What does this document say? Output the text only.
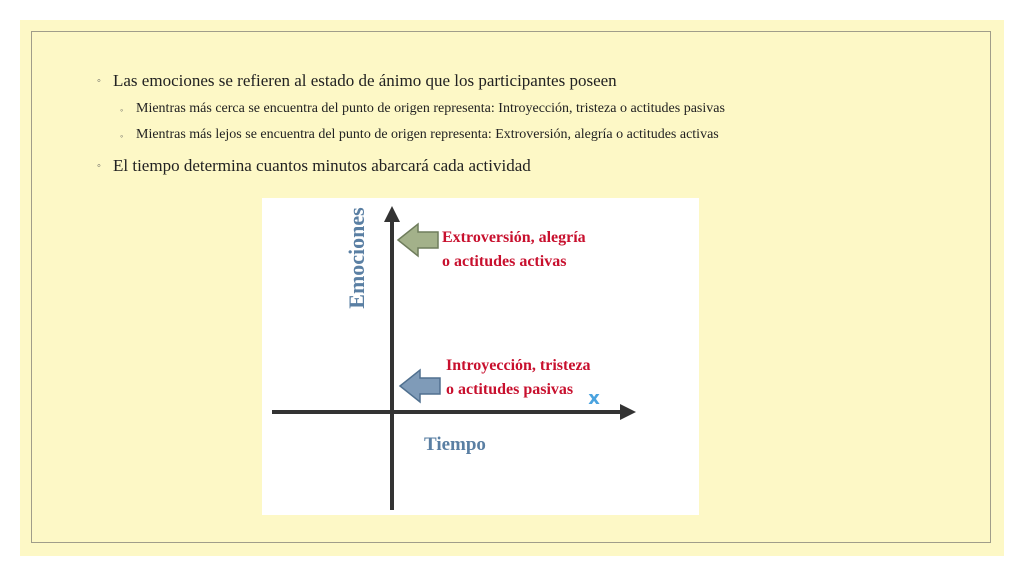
◦ Las emociones se refieren al estado de ánimo que los participantes poseen
◦ Mientras más cerca se encuentra del punto de origen representa: Introyección, tristeza o actitudes pasivas
◦ Mientras más lejos se encuentra del punto de origen representa: Extroversión, alegría o actitudes activas
◦ El tiempo determina cuantos minutos abarcará cada actividad
x
Emociones
Tiempo
Extroversión, alegría
o actitudes activas
Introyección, tristeza
o actitudes pasivas
